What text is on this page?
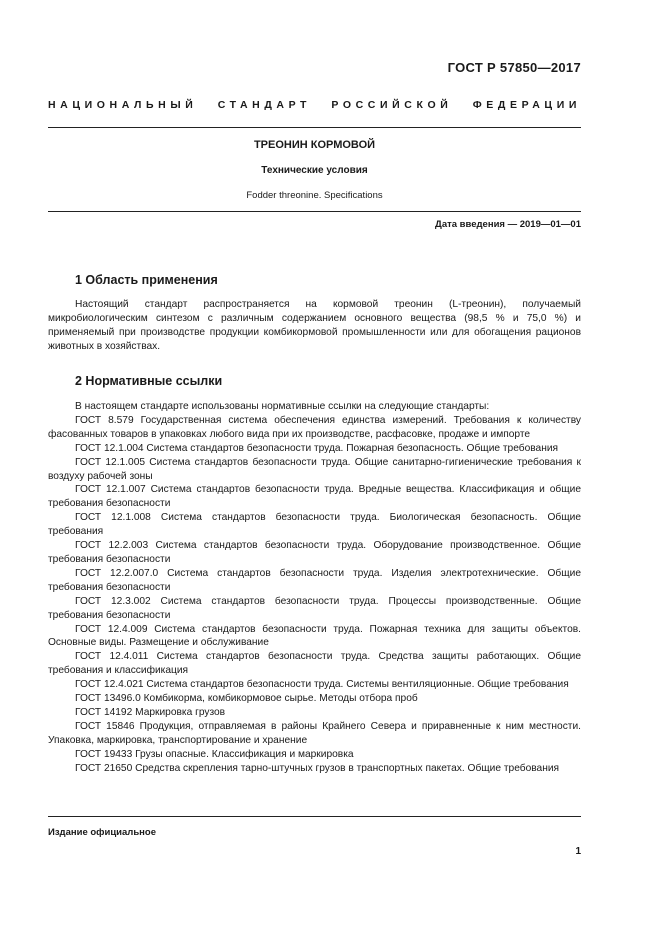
ГОСТ Р 57850—2017
НАЦИОНАЛЬНЫЙ СТАНДАРТ РОССИЙСКОЙ ФЕДЕРАЦИИ
ТРЕОНИН КОРМОВОЙ
Технические условия
Fodder threonine. Specifications
Дата введения — 2019—01—01
1 Область применения

Настоящий стандарт распространяется на кормовой треонин (L-треонин), получаемый микробиологическим синтезом с различным содержанием основного вещества (98,5 % и 75,0 %) и применяемый при производстве продукции комбикормовой промышленности или для обогащения рационов животных в хозяйствах.

2 Нормативные ссылки

В настоящем стандарте использованы нормативные ссылки на следующие стандарты:

ГОСТ 8.579 Государственная система обеспечения единства измерений. Требования к количеству фасованных товаров в упаковках любого вида при их производстве, расфасовке, продаже и импорте

ГОСТ 12.1.004 Система стандартов безопасности труда. Пожарная безопасность. Общие требования

ГОСТ 12.1.005 Система стандартов безопасности труда. Общие санитарно-гигиенические требования к воздуху рабочей зоны

ГОСТ 12.1.007 Система стандартов безопасности труда. Вредные вещества. Классификация и общие требования безопасности

ГОСТ 12.1.008 Система стандартов безопасности труда. Биологическая безопасность. Общие требования

ГОСТ 12.2.003 Система стандартов безопасности труда. Оборудование производственное. Общие требования безопасности

ГОСТ 12.2.007.0 Система стандартов безопасности труда. Изделия электротехнические. Общие требования безопасности

ГОСТ 12.3.002 Система стандартов безопасности труда. Процессы производственные. Общие требования безопасности

ГОСТ 12.4.009 Система стандартов безопасности труда. Пожарная техника для защиты объектов. Основные виды. Размещение и обслуживание

ГОСТ 12.4.011 Система стандартов безопасности труда. Средства защиты работающих. Общие требования и классификация

ГОСТ 12.4.021 Система стандартов безопасности труда. Системы вентиляционные. Общие требования

ГОСТ 13496.0 Комбикорма, комбикормовое сырье. Методы отбора проб

ГОСТ 14192 Маркировка грузов

ГОСТ 15846 Продукция, отправляемая в районы Крайнего Севера и приравненные к ним местности. Упаковка, маркировка, транспортирование и хранение

ГОСТ 19433 Грузы опасные. Классификация и маркировка

ГОСТ 21650 Средства скрепления тарно-штучных грузов в транспортных пакетах. Общие требования

Издание официальное
1
